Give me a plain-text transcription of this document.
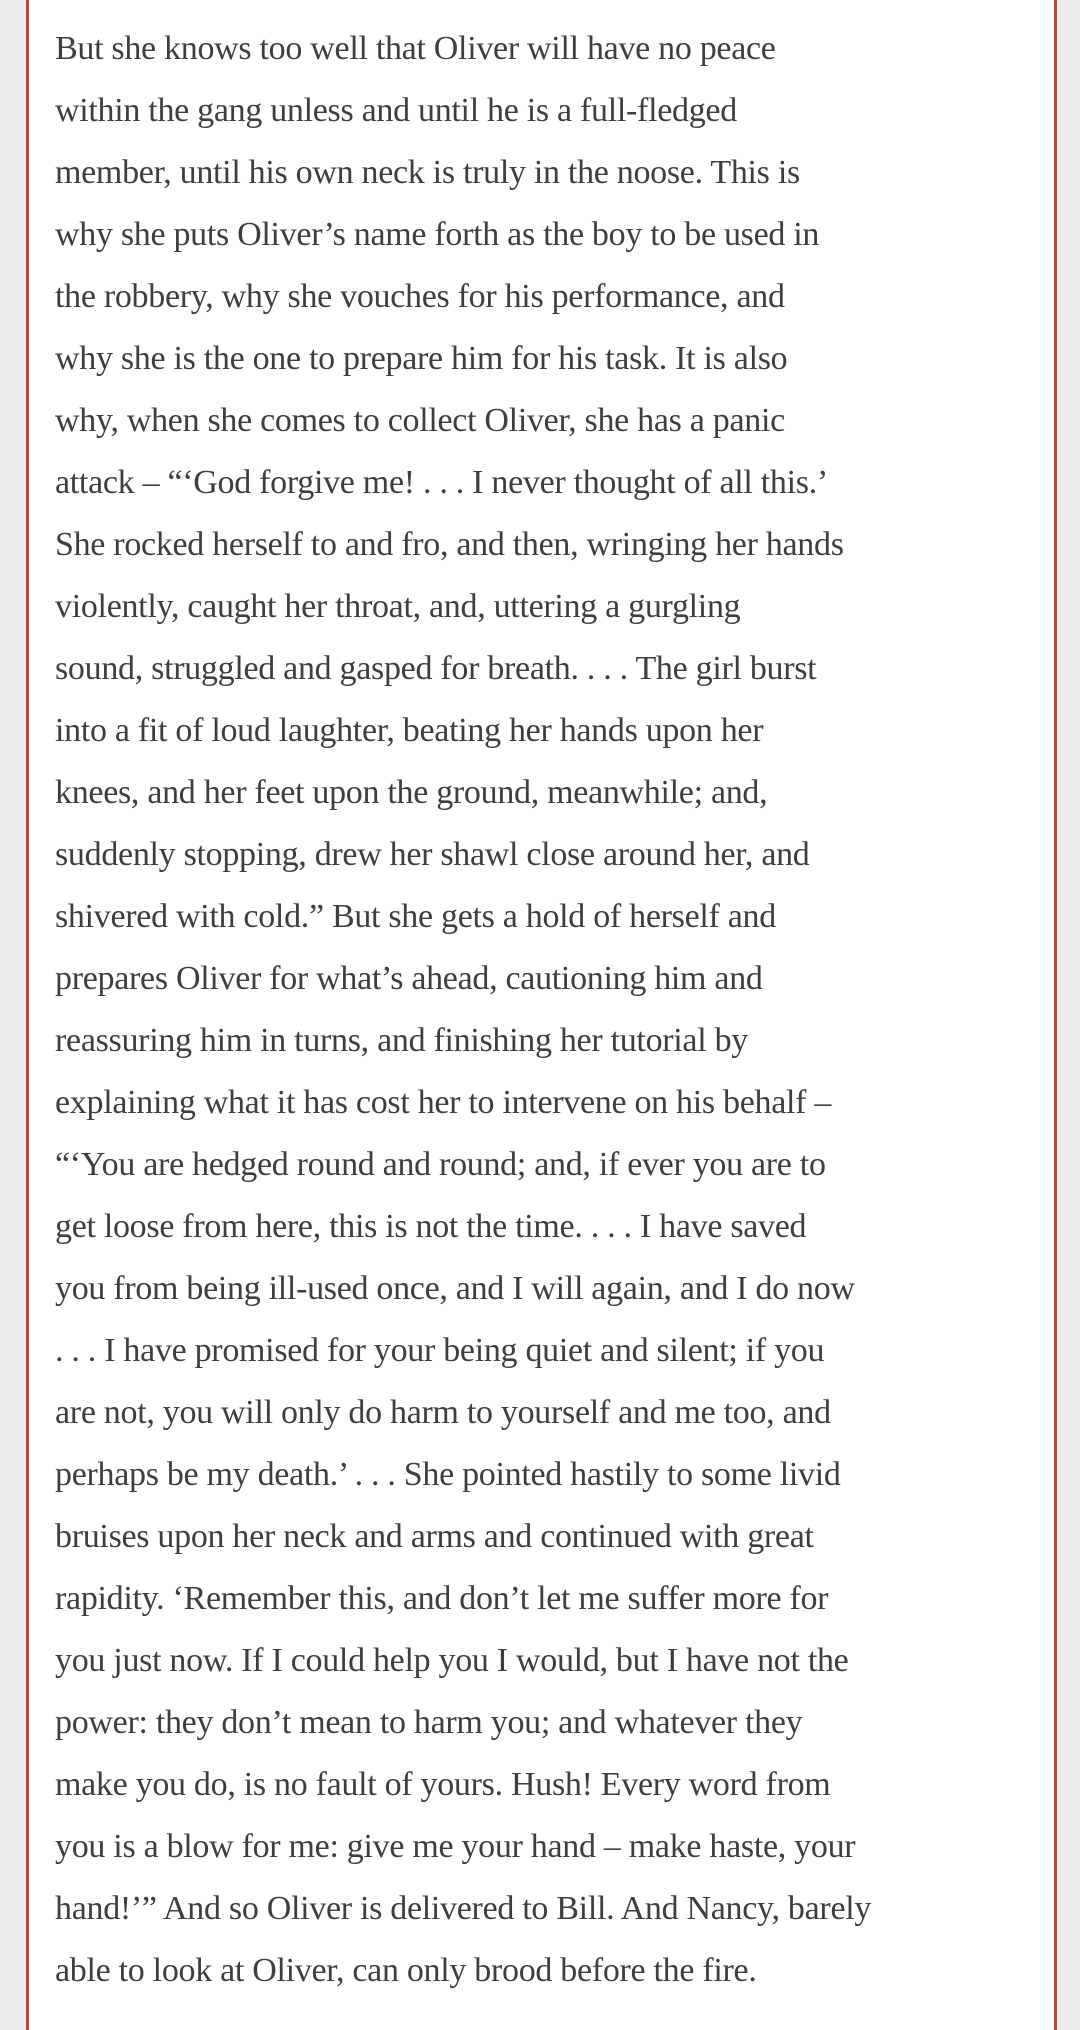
But she knows too well that Oliver will have no peace
within the gang unless and until he is a full-fledged
member, until his own neck is truly in the noose. This is
why she puts Oliver’s name forth as the boy to be used in
the robbery, why she vouches for his performance, and
why she is the one to prepare him for his task. It is also
why, when she comes to collect Oliver, she has a panic
attack – “‘God forgive me! . . . I never thought of all this.’
She rocked herself to and fro, and then, wringing her hands
violently, caught her throat, and, uttering a gurgling
sound, struggled and gasped for breath. . . . The girl burst
into a fit of loud laughter, beating her hands upon her
knees, and her feet upon the ground, meanwhile; and,
suddenly stopping, drew her shawl close around her, and
shivered with cold.” But she gets a hold of herself and
prepares Oliver for what’s ahead, cautioning him and
reassuring him in turns, and finishing her tutorial by
explaining what it has cost her to intervene on his behalf –
“‘You are hedged round and round; and, if ever you are to
get loose from here, this is not the time. . . . I have saved
you from being ill-used once, and I will again, and I do now
. . . I have promised for your being quiet and silent; if you
are not, you will only do harm to yourself and me too, and
perhaps be my death.’ . . . She pointed hastily to some livid
bruises upon her neck and arms and continued with great
rapidity. ‘Remember this, and don’t let me suffer more for
you just now. If I could help you I would, but I have not the
power: they don’t mean to harm you; and whatever they
make you do, is no fault of yours. Hush! Every word from
you is a blow for me: give me your hand – make haste, your
hand!’” And so Oliver is delivered to Bill. And Nancy, barely
able to look at Oliver, can only brood before the fire.
